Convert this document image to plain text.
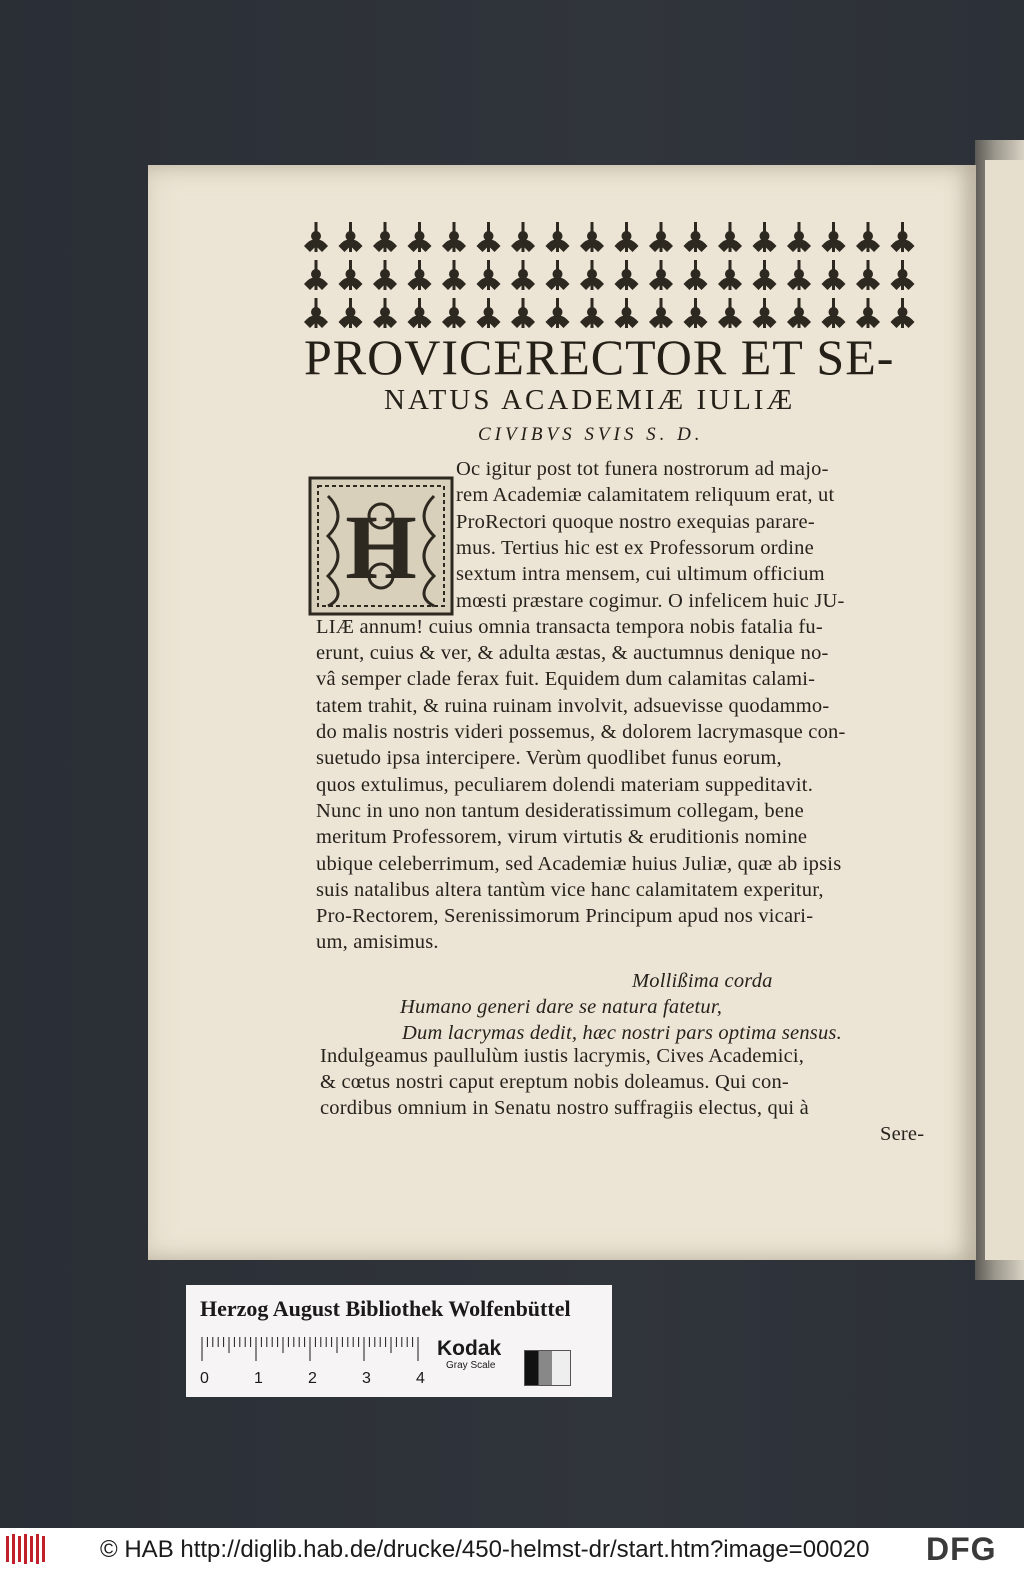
PROVICERECTOR ET SE-
NATUS ACADEMIÆ IULIÆ
CIVIBVS SVIS S. D.
H
Oc igitur post tot funera nostrorum ad majo-
rem Academiæ calamitatem reliquum erat, ut
ProRectori quoque nostro exequias parare-
mus. Tertius hic est ex Professorum ordine
sextum intra mensem, cui ultimum officium
mœsti præstare cogimur. O infelicem huic JU-
LIÆ annum! cuius omnia transacta tempora nobis fatalia fu-
erunt, cuius & ver, & adulta æstas, & auctumnus denique no-
vâ semper clade ferax fuit. Equidem dum calamitas calami-
tatem trahit, & ruina ruinam involvit, adsuevisse quodammo-
do malis nostris videri possemus, & dolorem lacrymasque con-
suetudo ipsa intercipere. Verùm quodlibet funus eorum,
quos extulimus, peculiarem dolendi materiam suppeditavit.
Nunc in uno non tantum desideratissimum collegam, bene
meritum Professorem, virum virtutis & eruditionis nomine
ubique celeberrimum, sed Academiæ huius Juliæ, quæ ab ipsis
suis natalibus altera tantùm vice hanc calamitatem experitur,
Pro-Rectorem, Serenissimorum Principum apud nos vicari-
um, amisimus.
Mollißima corda
Humano generi dare se natura fatetur,
Dum lacrymas dedit, hæc nostri pars optima sensus.
Indulgeamus paullulùm iustis lacrymis, Cives Academici,
& cœtus nostri caput ereptum nobis doleamus. Qui con-
cordibus omnium in Senatu nostro suffragiis electus, qui à
Sere-
Herzog August Bibliothek Wolfenbüttel
0	1	2	3	4
Kodak
Gray Scale
© HAB http://diglib.hab.de/drucke/450-helmst-dr/start.htm?image=00020 DFG
